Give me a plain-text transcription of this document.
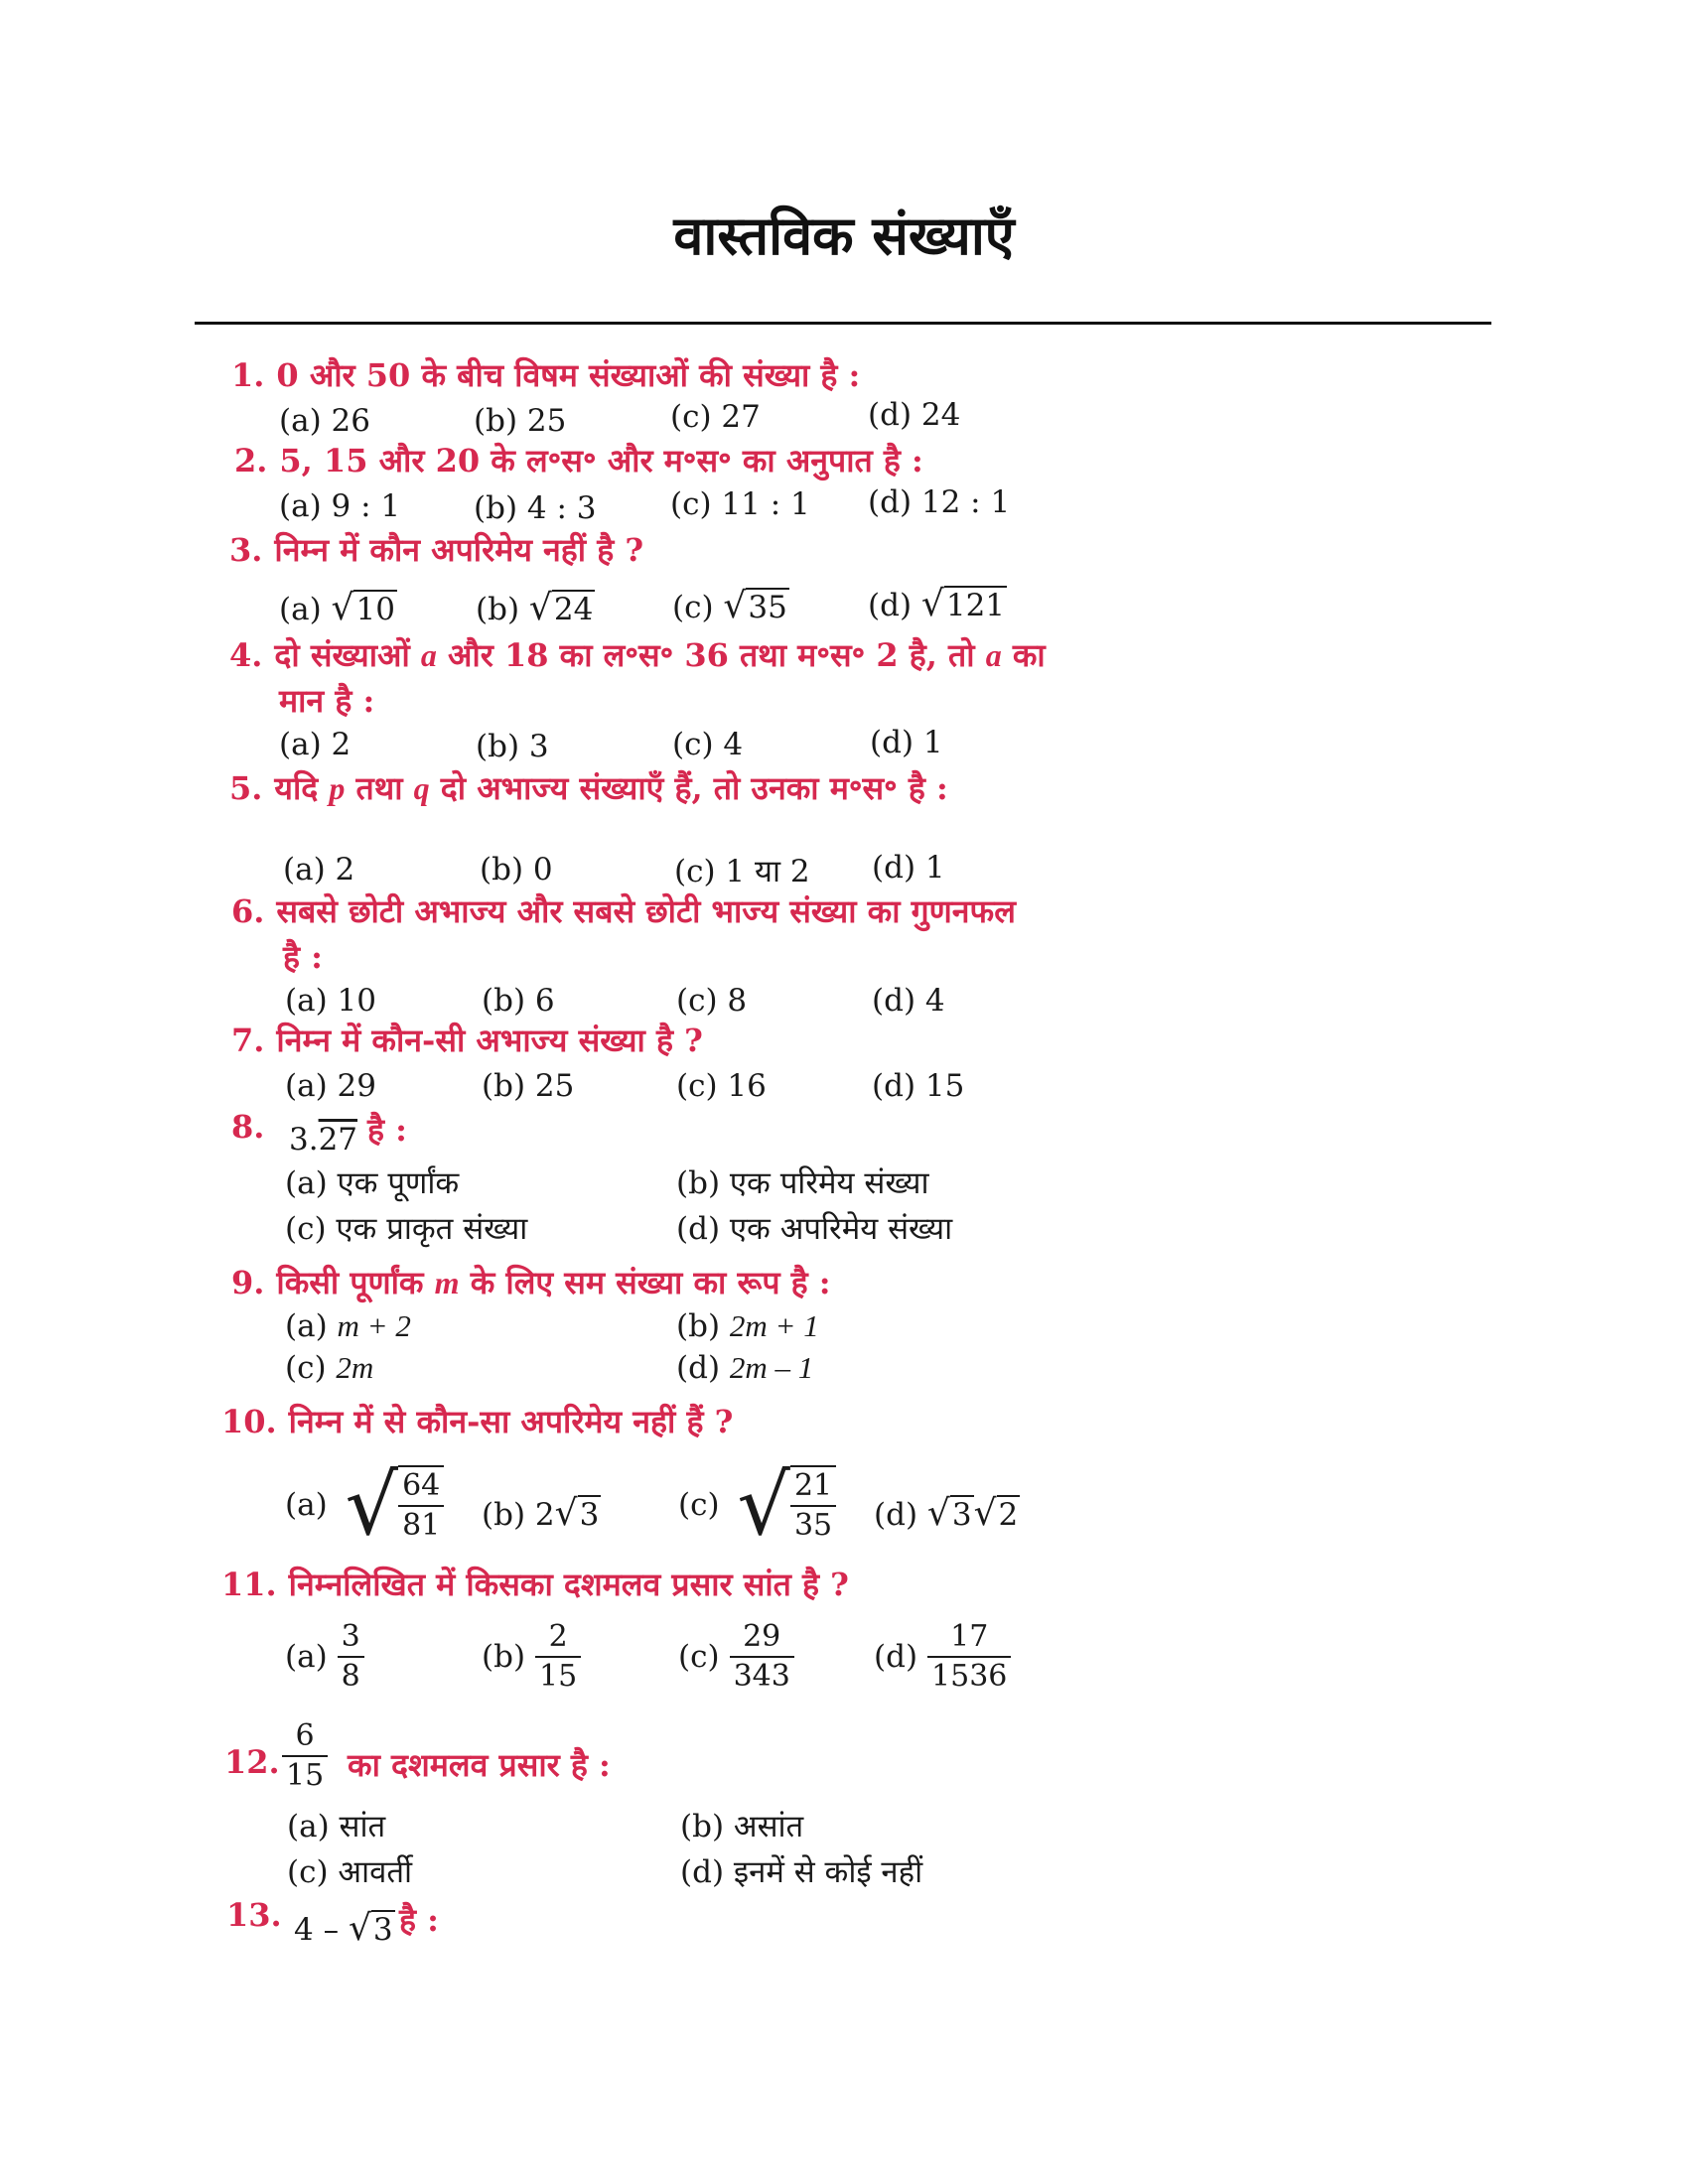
वास्तविक संख्याएँ
1. 0 और 50 के बीच विषम संख्याओं की संख्या है :
(a) 26	(b) 25	(c) 27	(d) 24
2. 5, 15 और 20 के ल॰स॰ और म॰स॰ का अनुपात है :
(a) 9 : 1 (b) 4 : 3 (c) 11 : 1 (d) 12 : 1
3. निम्न में कौन अपरिमेय नहीं है ?
(a) √10	(b) √24	(c) √35	(d) √121
4. दो संख्याओं a और 18 का ल॰स॰ 36 तथा म॰स॰ 2 है, तो a का
मान है :
(a) 2	(b) 3	(c) 4	(d) 1
5. यदि p तथा q दो अभाज्य संख्याएँ हैं, तो उनका म॰स॰ है :
(a) 2	(b) 0	(c) 1 या 2 (d) 1
6. सबसे छोटी अभाज्य और सबसे छोटी भाज्य संख्या का गुणनफल
है :
(a) 10	(b) 6	(c) 8	(d) 4
7. निम्न में कौन-सी अभाज्य संख्या है ?
(a) 29	(b) 25	(c) 16	(d) 15
8. 3.27 है :
(a) एक पूर्णांक	(b) एक परिमेय संख्या
(c) एक प्राकृत संख्या	(d) एक अपरिमेय संख्या
9. किसी पूर्णांक m के लिए सम संख्या का रूप है :
(a) m + 2	(b) 2m + 1
(c) 2m	(d) 2m – 1
10. निम्न में से कौन-सा अपरिमेय नहीं हैं ?
(a) √ $\frac{64}{81} (b)$ 2√3	(c) √ $\frac{21}{35} (d)$ √3√2
11. निम्नलिखित में किसका दशमलव प्रसार सांत है ?
$(a) \frac{3}{8}$	$(b) \frac{2}{15}$	$(c) \frac{29}{343}$	$(d) \frac{17}{1536}$
12. $\frac{6}{15}$ का दशमलव प्रसार है :
(a) सांत	(b) असांत
(c) आवर्ती	(d) इनमें से कोई नहीं
13. 4 – √3 है :
